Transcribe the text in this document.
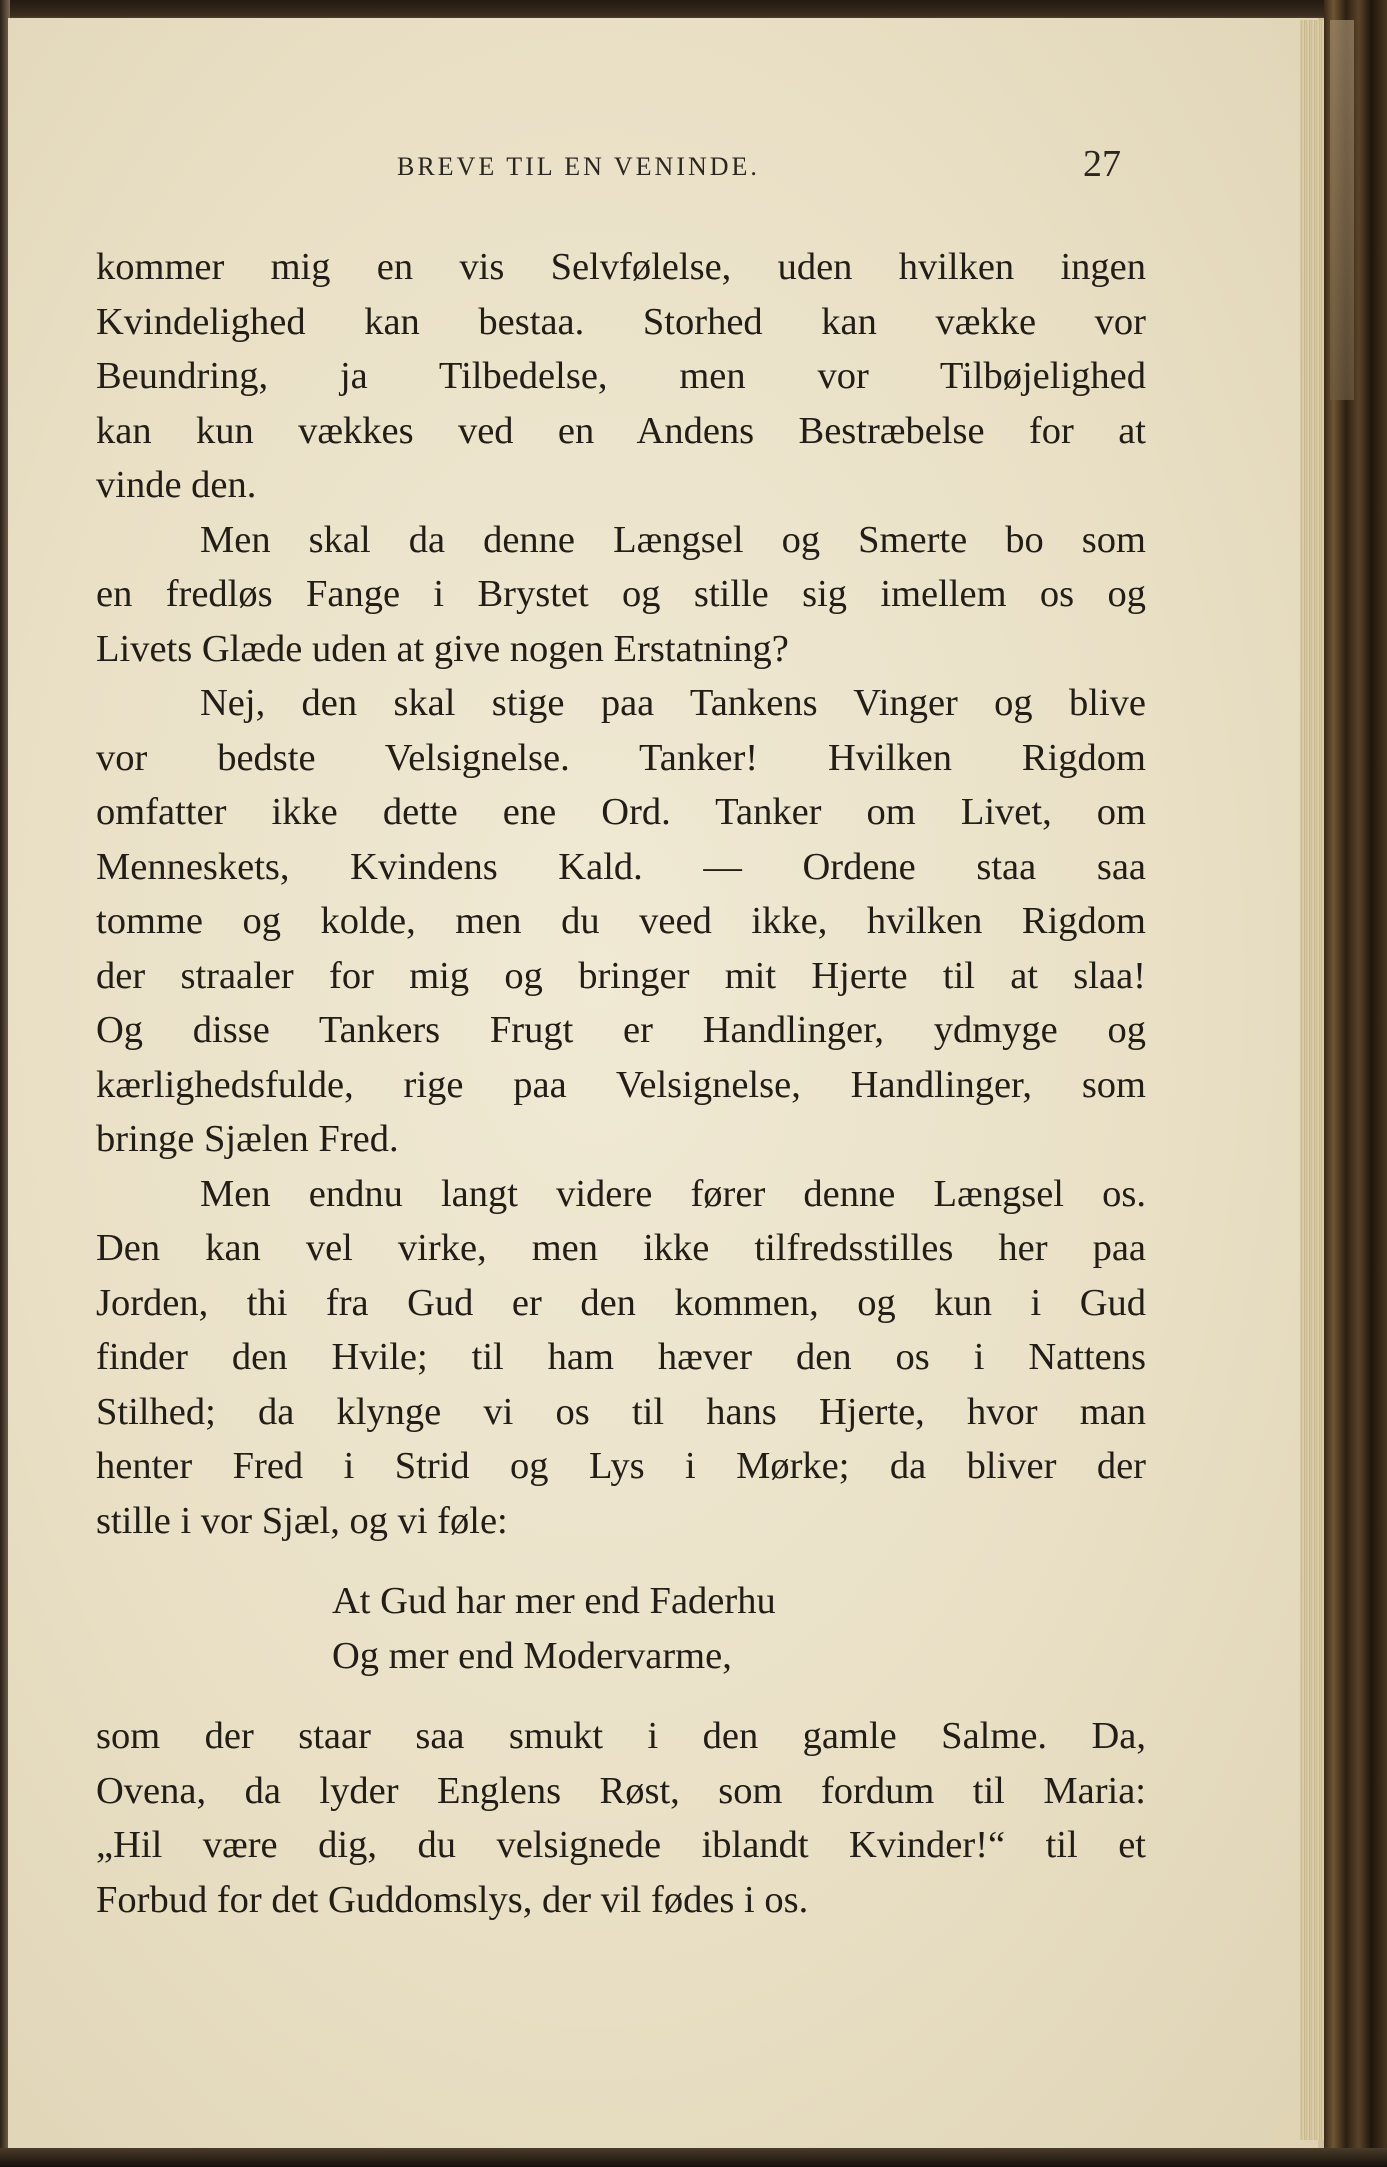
BREVE TIL EN VENINDE.	27
kommer mig en vis Selvfølelse, uden hvilken ingen
Kvindelighed kan bestaa. Storhed kan vække vor
Beundring, ja Tilbedelse, men vor Tilbøjelighed
kan kun vækkes ved en Andens Bestræbelse for at
vinde den.
Men skal da denne Længsel og Smerte bo som
en fredløs Fange i Brystet og stille sig imellem os og
Livets Glæde uden at give nogen Erstatning?
Nej, den skal stige paa Tankens Vinger og blive
vor bedste Velsignelse. Tanker! Hvilken Rigdom
omfatter ikke dette ene Ord. Tanker om Livet, om
Menneskets, Kvindens Kald. — Ordene staa saa
tomme og kolde, men du veed ikke, hvilken Rigdom
der straaler for mig og bringer mit Hjerte til at slaa!
Og disse Tankers Frugt er Handlinger, ydmyge og
kærlighedsfulde, rige paa Velsignelse, Handlinger, som
bringe Sjælen Fred.
Men endnu langt videre fører denne Længsel os.
Den kan vel virke, men ikke tilfredsstilles her paa
Jorden, thi fra Gud er den kommen, og kun i Gud
finder den Hvile; til ham hæver den os i Nattens
Stilhed; da klynge vi os til hans Hjerte, hvor man
henter Fred i Strid og Lys i Mørke; da bliver der
stille i vor Sjæl, og vi føle:
At Gud har mer end Faderhu
Og mer end Modervarme,
som der staar saa smukt i den gamle Salme. Da,
Ovena, da lyder Englens Røst, som fordum til Maria:
„Hil være dig, du velsignede iblandt Kvinder!“ til et
Forbud for det Guddomslys, der vil fødes i os.
